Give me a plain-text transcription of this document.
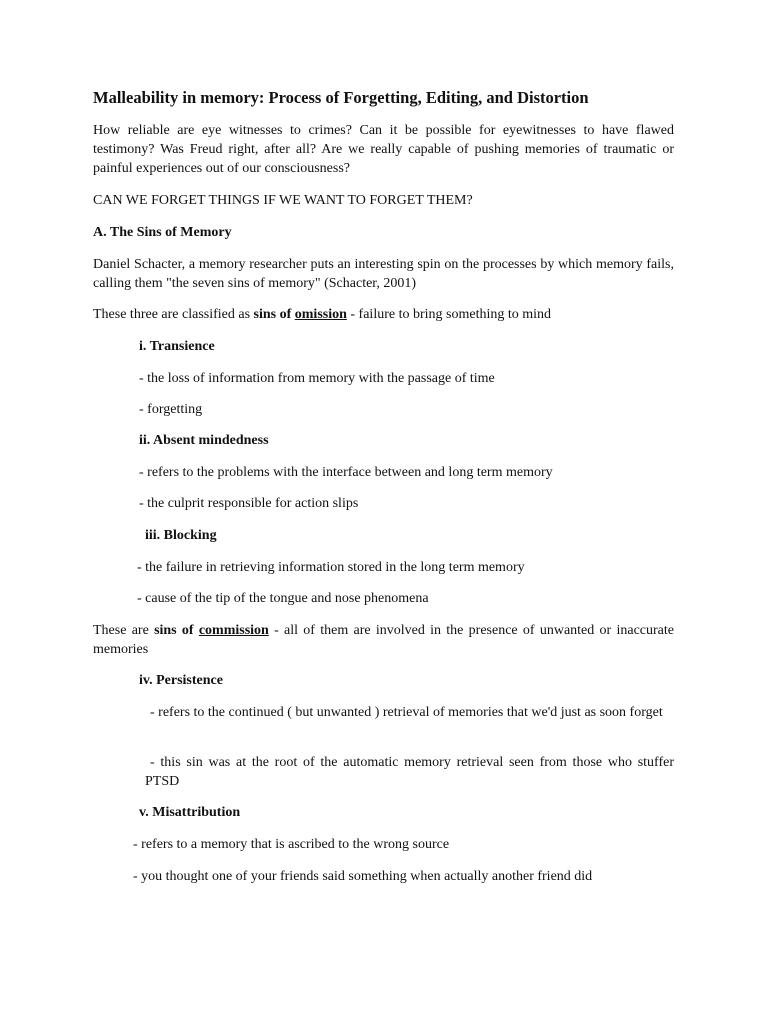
Malleability in memory: Process of Forgetting, Editing, and Distortion
How reliable are eye witnesses to crimes? Can it be possible for eyewitnesses to have flawed testimony? Was Freud right, after all? Are we really capable of pushing memories of traumatic or painful experiences out of our consciousness?
CAN WE FORGET THINGS IF WE WANT TO FORGET THEM?
A. The Sins of Memory
Daniel Schacter, a memory researcher puts an interesting spin on the processes by which memory fails, calling them "the seven sins of memory" (Schacter, 2001)
These three are classified as sins of omission - failure to bring something to mind
i. Transience
- the loss of information from memory with the passage of time
- forgetting
ii. Absent mindedness
- refers to the problems with the interface between and long term memory
- the culprit responsible for action slips
iii. Blocking
- the failure in retrieving information stored in the long term memory
- cause of the tip of the tongue and nose phenomena
These are sins of commission - all of them are involved in the presence of unwanted or inaccurate memories
iv. Persistence
- refers to the continued ( but unwanted ) retrieval of memories that we'd just as soon forget
- this sin was at the root of the automatic memory retrieval seen from those who stuffer PTSD
v. Misattribution
- refers to a memory that is ascribed to the wrong source
- you thought one of your friends said something when actually another friend did
